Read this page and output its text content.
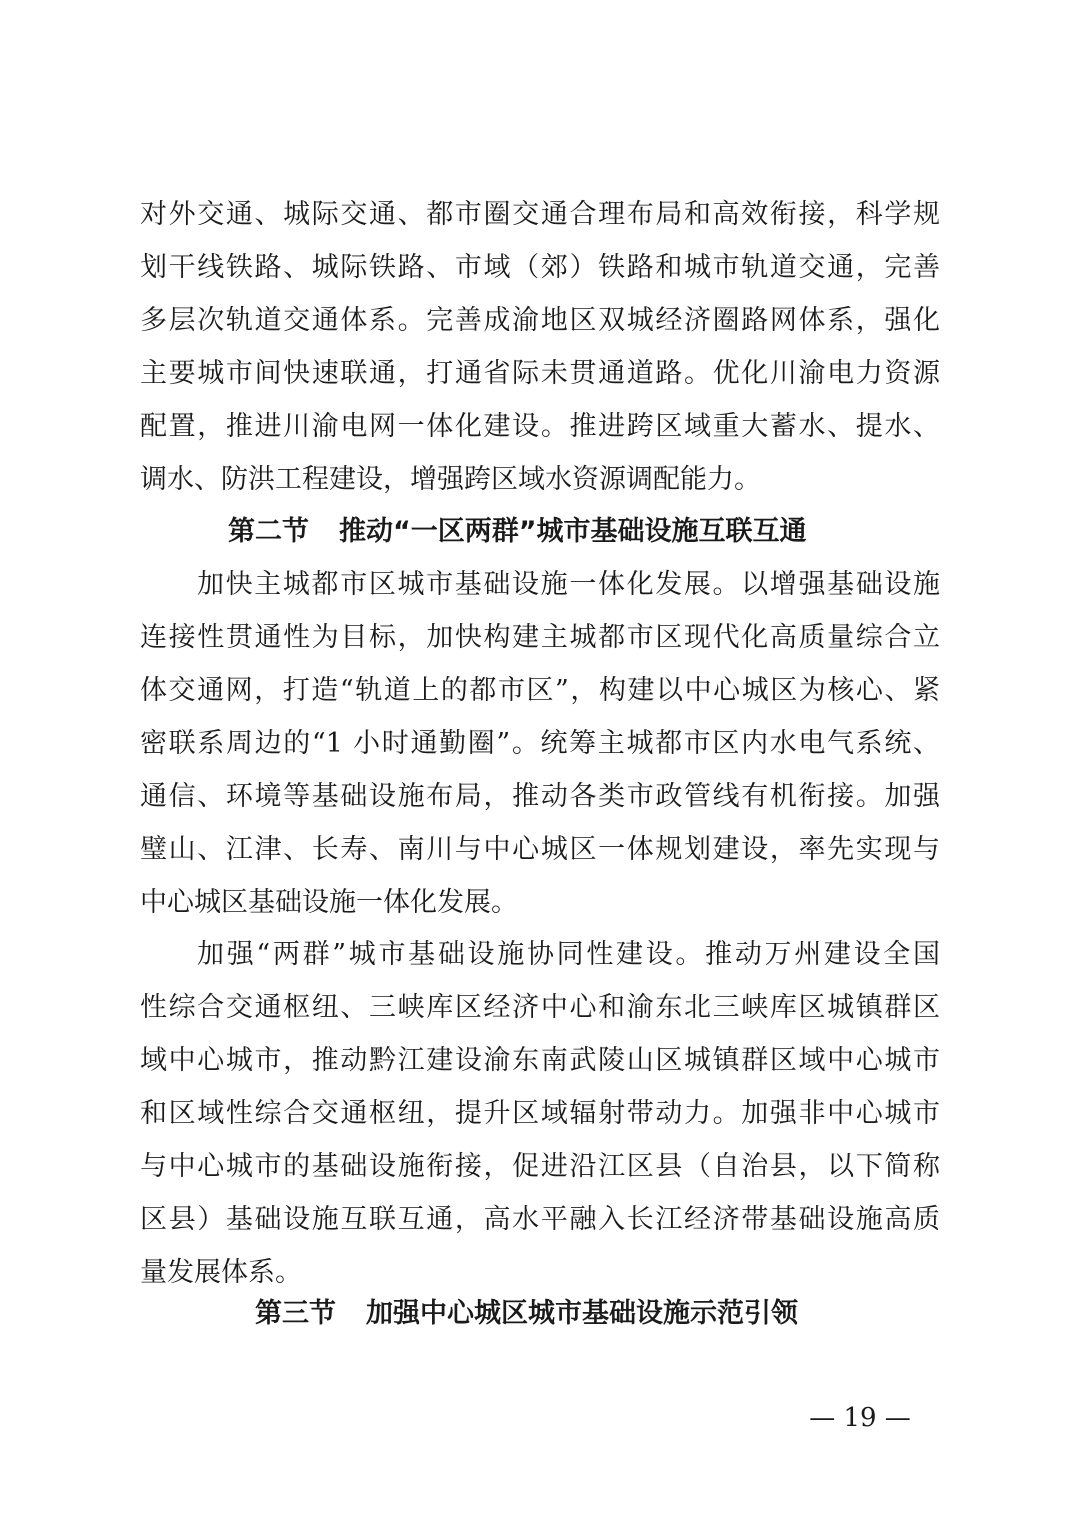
对外交通、城际交通、都市圈交通合理布局和高效衔接，科学规
划干线铁路、城际铁路、市域（郊）铁路和城市轨道交通，完善
多层次轨道交通体系。完善成渝地区双城经济圈路网体系，强化
主要城市间快速联通，打通省际未贯通道路。优化川渝电力资源
配置，推进川渝电网一体化建设。推进跨区域重大蓄水、提水、
调水、防洪工程建设，增强跨区域水资源调配能力。
第二节 推动“一区两群”城市基础设施互联互通
加快主城都市区城市基础设施一体化发展。以增强基础设施
连接性贯通性为目标，加快构建主城都市区现代化高质量综合立
体交通网，打造“轨道上的都市区”，构建以中心城区为核心、紧
密联系周边的“1 小时通勤圈”。统筹主城都市区内水电气系统、
通信、环境等基础设施布局，推动各类市政管线有机衔接。加强
璧山、江津、长寿、南川与中心城区一体规划建设，率先实现与
中心城区基础设施一体化发展。
加强“两群”城市基础设施协同性建设。推动万州建设全国
性综合交通枢纽、三峡库区经济中心和渝东北三峡库区城镇群区
域中心城市，推动黔江建设渝东南武陵山区城镇群区域中心城市
和区域性综合交通枢纽，提升区域辐射带动力。加强非中心城市
与中心城市的基础设施衔接，促进沿江区县（自治县，以下简称
区县）基础设施互联互通，高水平融入长江经济带基础设施高质
量发展体系。
第三节 加强中心城区城市基础设施示范引领
— 19 —
